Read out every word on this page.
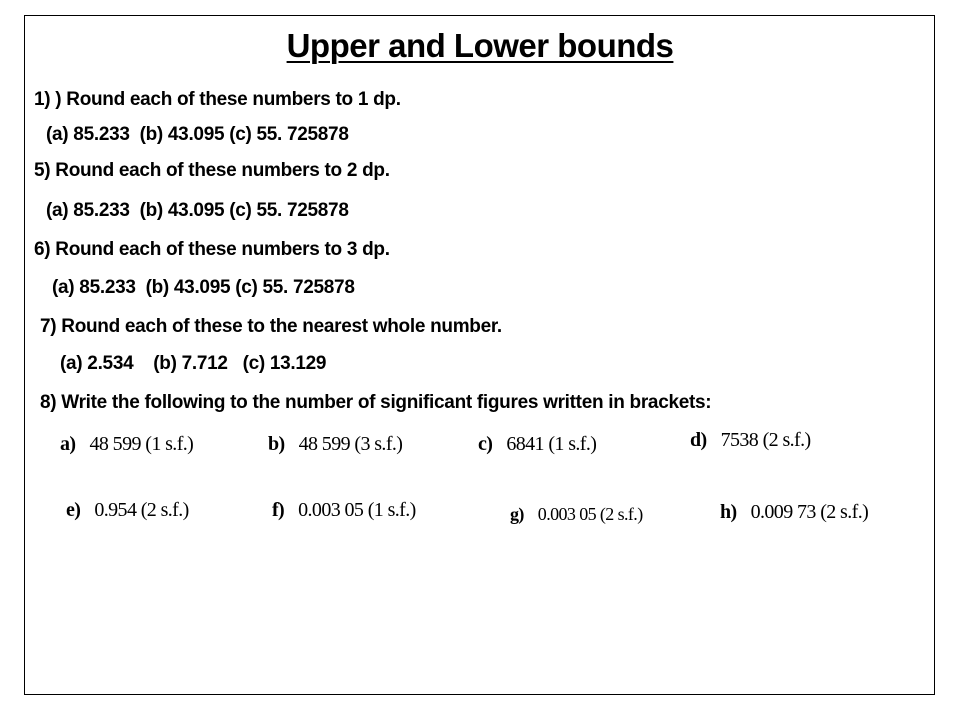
Upper and Lower bounds
1) ) Round each of these numbers to 1 dp.
(a) 85.233  (b) 43.095 (c) 55. 725878
5) Round each of these numbers to 2 dp.
(a) 85.233  (b) 43.095 (c) 55. 725878
6) Round each of these numbers to 3 dp.
(a) 85.233  (b) 43.095 (c) 55. 725878
7) Round each of these to the nearest whole number.
(a) 2.534    (b) 7.712   (c) 13.129
8) Write the following to the number of significant figures written in brackets:
a) 48 599 (1 s.f.)	b) 48 599 (3 s.f.)	c) 6841 (1 s.f.)	d) 7538 (2 s.f.)
e) 0.954 (2 s.f.)	f) 0.003 05 (1 s.f.)	g) 0.003 05 (2 s.f.)	h) 0.009 73 (2 s.f.)
